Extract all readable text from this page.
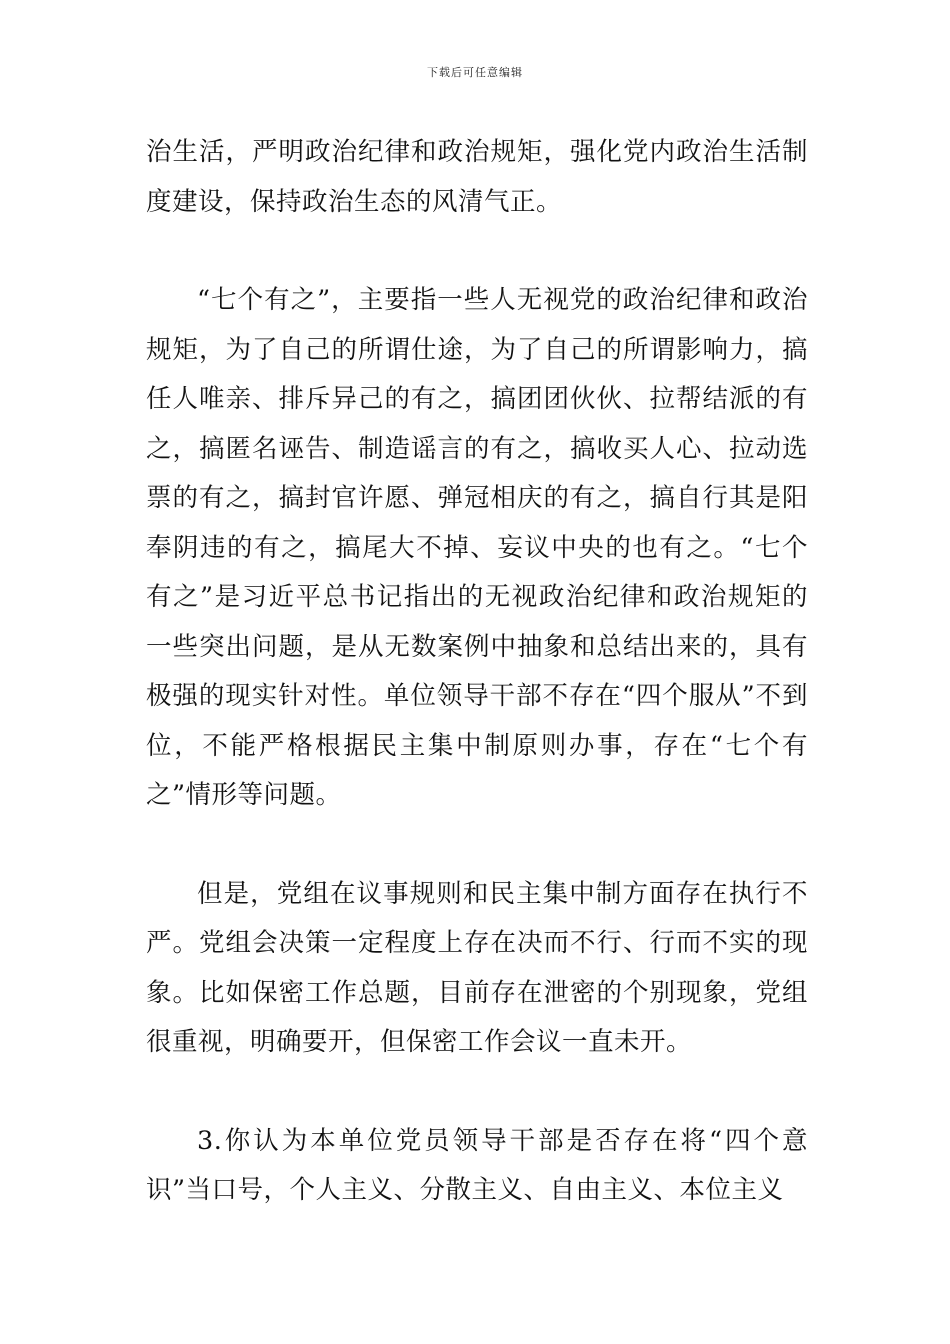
下载后可任意编辑

治生活，严明政治纪律和政治规矩，强化党内政治生活制度建设，保持政治生态的风清气正。

“七个有之”，主要指一些人无视党的政治纪律和政治规矩，为了自己的所谓仕途，为了自己的所谓影响力，搞任人唯亲、排斥异己的有之，搞团团伙伙、拉帮结派的有之，搞匿名诬告、制造谣言的有之，搞收买人心、拉动选票的有之，搞封官许愿、弹冠相庆的有之，搞自行其是阳奉阴违的有之，搞尾大不掉、妄议中央的也有之。“七个有之”是习近平总书记指出的无视政治纪律和政治规矩的一些突出问题，是从无数案例中抽象和总结出来的，具有极强的现实针对性。单位领导干部不存在“四个服从”不到位，不能严格根据民主集中制原则办事，存在“七个有之”情形等问题。

但是，党组在议事规则和民主集中制方面存在执行不严。党组会决策一定程度上存在决而不行、行而不实的现象。比如保密工作总题，目前存在泄密的个别现象，党组很重视，明确要开，但保密工作会议一直未开。

3.你认为本单位党员领导干部是否存在将“四个意识”当口号，个人主义、分散主义、自由主义、本位主义
